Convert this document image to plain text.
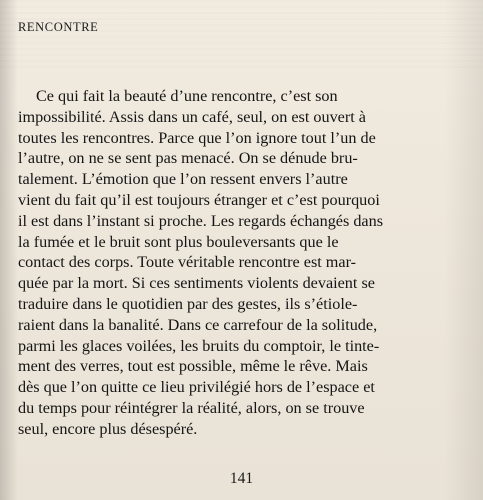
RENCONTRE
Ce qui fait la beauté d’une rencontre, c’est son
impossibilité. Assis dans un café, seul, on est ouvert à
toutes les rencontres. Parce que l’on ignore tout l’un de
l’autre, on ne se sent pas menacé. On se dénude bru-
talement. L’émotion que l’on ressent envers l’autre
vient du fait qu’il est toujours étranger et c’est pourquoi
il est dans l’instant si proche. Les regards échangés dans
la fumée et le bruit sont plus bouleversants que le
contact des corps. Toute véritable rencontre est mar-
quée par la mort. Si ces sentiments violents devaient se
traduire dans le quotidien par des gestes, ils s’étiole-
raient dans la banalité. Dans ce carrefour de la solitude,
parmi les glaces voilées, les bruits du comptoir, le tinte-
ment des verres, tout est possible, même le rêve. Mais
dès que l’on quitte ce lieu privilégié hors de l’espace et
du temps pour réintégrer la réalité, alors, on se trouve
seul, encore plus désespéré.
141
